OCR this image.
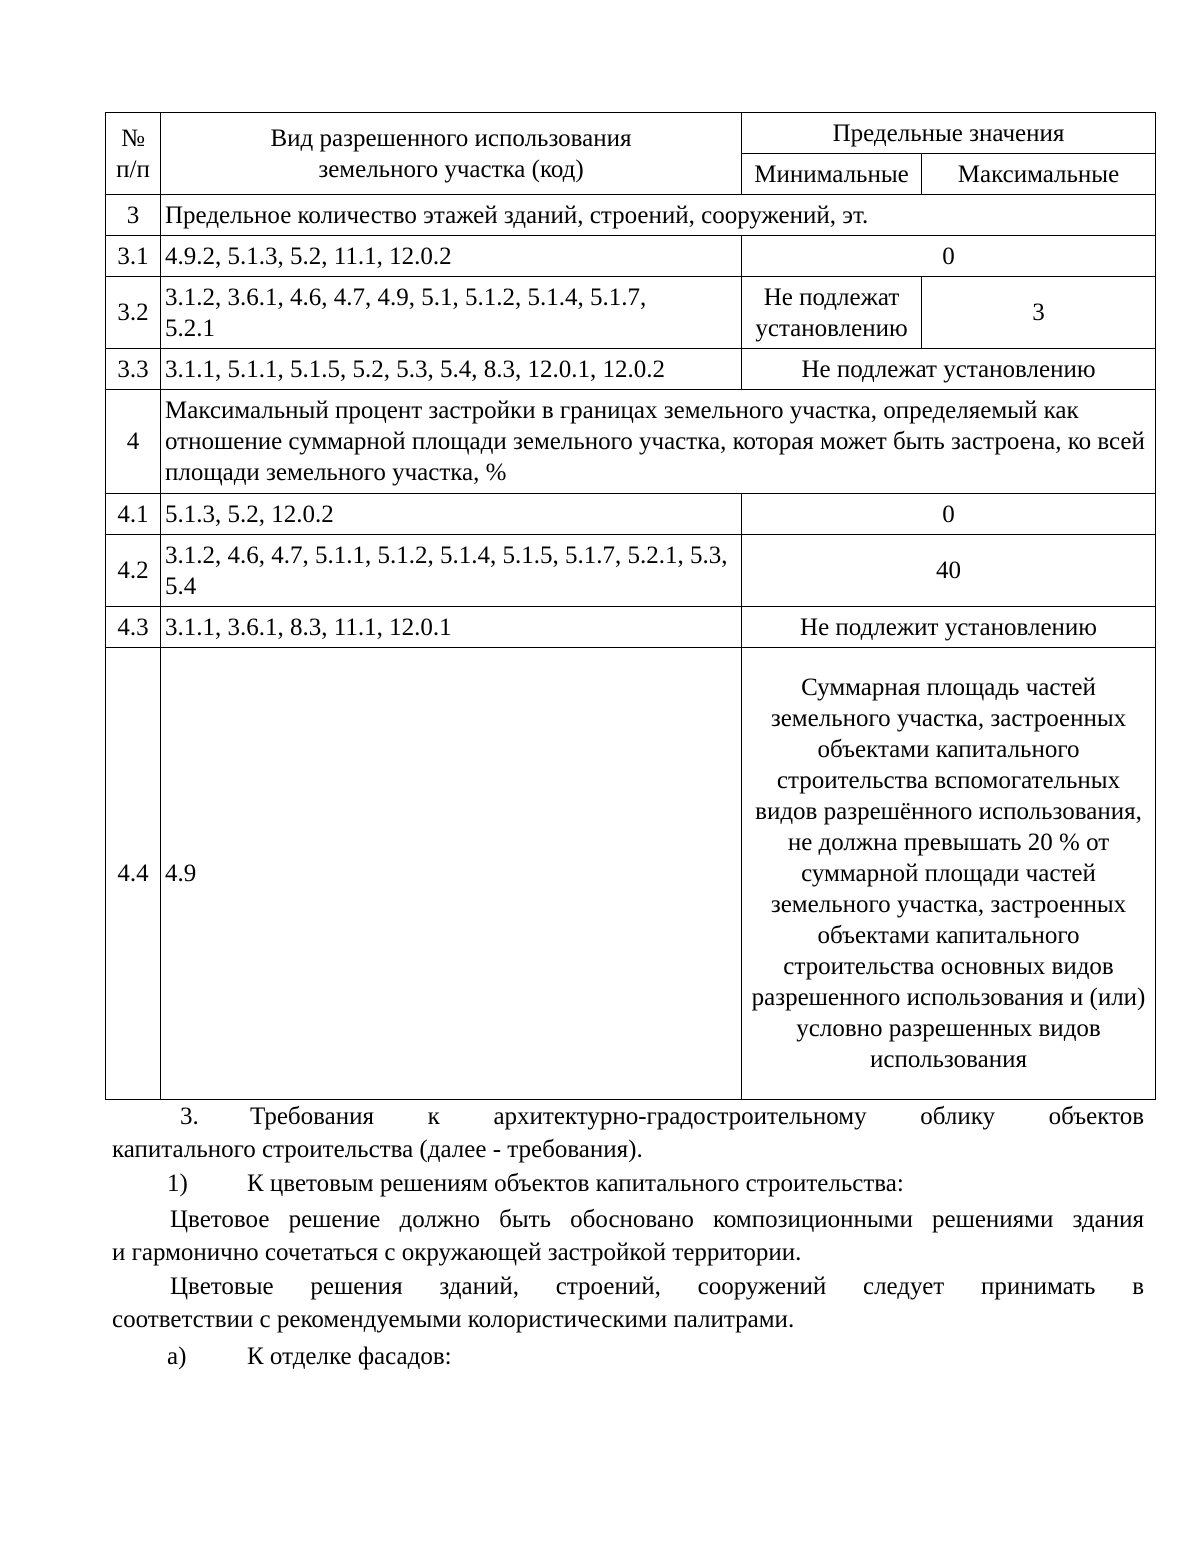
№ п/п	Вид разрешенного использования земельного участка (код)	Предельные значения	
		Минимальные	Максимальные
3	Предельное количество этажей зданий, строений, сооружений, эт.		
3.1	4.9.2, 5.1.3, 5.2, 11.1, 12.0.2	0	
3.2	3.1.2, 3.6.1, 4.6, 4.7, 4.9, 5.1, 5.1.2, 5.1.4, 5.1.7, 5.2.1	Не подлежат установлению	3
3.3	3.1.1, 5.1.1, 5.1.5, 5.2, 5.3, 5.4, 8.3, 12.0.1, 12.0.2	Не подлежат установлению	
4	Максимальный процент застройки в границах земельного участка, определяемый как отношение суммарной площади земельного участка, которая может быть застроена, ко всей площади земельного участка, %		
4.1	5.1.3, 5.2, 12.0.2	0	
4.2	3.1.2, 4.6, 4.7, 5.1.1, 5.1.2, 5.1.4, 5.1.5, 5.1.7, 5.2.1, 5.3, 5.4	40	
4.3	3.1.1, 3.6.1, 8.3, 11.1, 12.0.1	Не подлежит установлению	
4.4	4.9	Суммарная площадь частей земельного участка, застроенных объектами капитального строительства вспомогательных видов разрешённого использования, не должна превышать 20 % от суммарной площади частей земельного участка, застроенных объектами капитального строительства основных видов разрешенного использования и (или) условно разрешенных видов использования	

3. Требования к архитектурно-градостроительному облику объектов

капитального строительства (далее - требования).

1) К цветовым решениям объектов капитального строительства:

Цветовое решение должно быть обосновано композиционными решениями здания

и гармонично сочетаться с окружающей застройкой территории.

Цветовые решения зданий, строений, сооружений следует принимать в

соответствии с рекомендуемыми колористическими палитрами.

а) К отделке фасадов:
